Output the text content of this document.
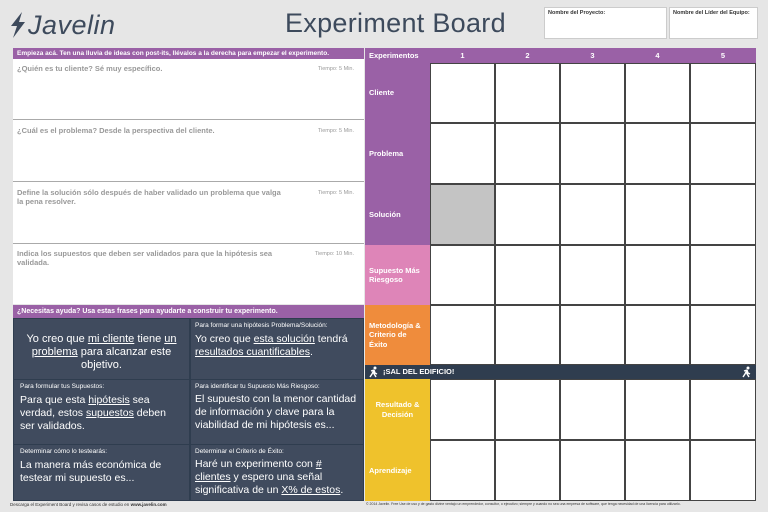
Javelin	Experiment Board	Nombre del Proyecto:	Nombre del Líder del Equipo:
Empieza acá. Ten una lluvia de ideas con post-its, llévalos a la derecha para empezar el experimento.
¿Quién es tu cliente? Sé muy específico.	Tiempo: 5 Min.
¿Cuál es el problema? Desde la perspectiva del cliente.	Tiempo: 5 Min.
Define la solución sólo después de haber validado un problema que valga la pena resolver.
Tiempo: 5 Min.
Indica los supuestos que deben ser validados para que la hipótesis sea validada.
Tiempo: 10 Min.
¿Necesitas ayuda? Usa estas frases para ayudarte a construir tu experimento.
Yo creo que mi cliente tiene un problema para alcanzar este objetivo.
Para formar una hipótesis Problema/Solución:
Yo creo que esta solución tendrá resultados cuantificables.
Para formular tus Supuestos:
Para que esta hipótesis sea verdad, estos supuestos deben ser validados.
Para identificar tu Supuesto Más Riesgoso:
El supuesto con la menor cantidad de información y clave para la viabilidad de mi hipótesis es...
Determinar cómo lo testearás:
La manera más económica de testear mi supuesto es...
Determinar el Criterio de Éxito:
Haré un experimento con # clientes y espero una señal significativa de un X% de estos.
Experimentos	1	2	3	4	5
Cliente
Problema
Solución
Supuesto Más Riesgoso
Metodología & Criterio de Éxito
¡SAL DEL EDIFICIO!
Resultado & Decisión
Aprendizaje
Descarga el Experiment Board y revisa casos de estudio en www.javelin.com	© 2014 Javelin. Free Use de uso y de gasto divine ventajo un emprendedor, consultor, o ejecutivo; siempre y cuando no sea una empresa de software, que tenga necesidad de una licencia para utilizarlo.
